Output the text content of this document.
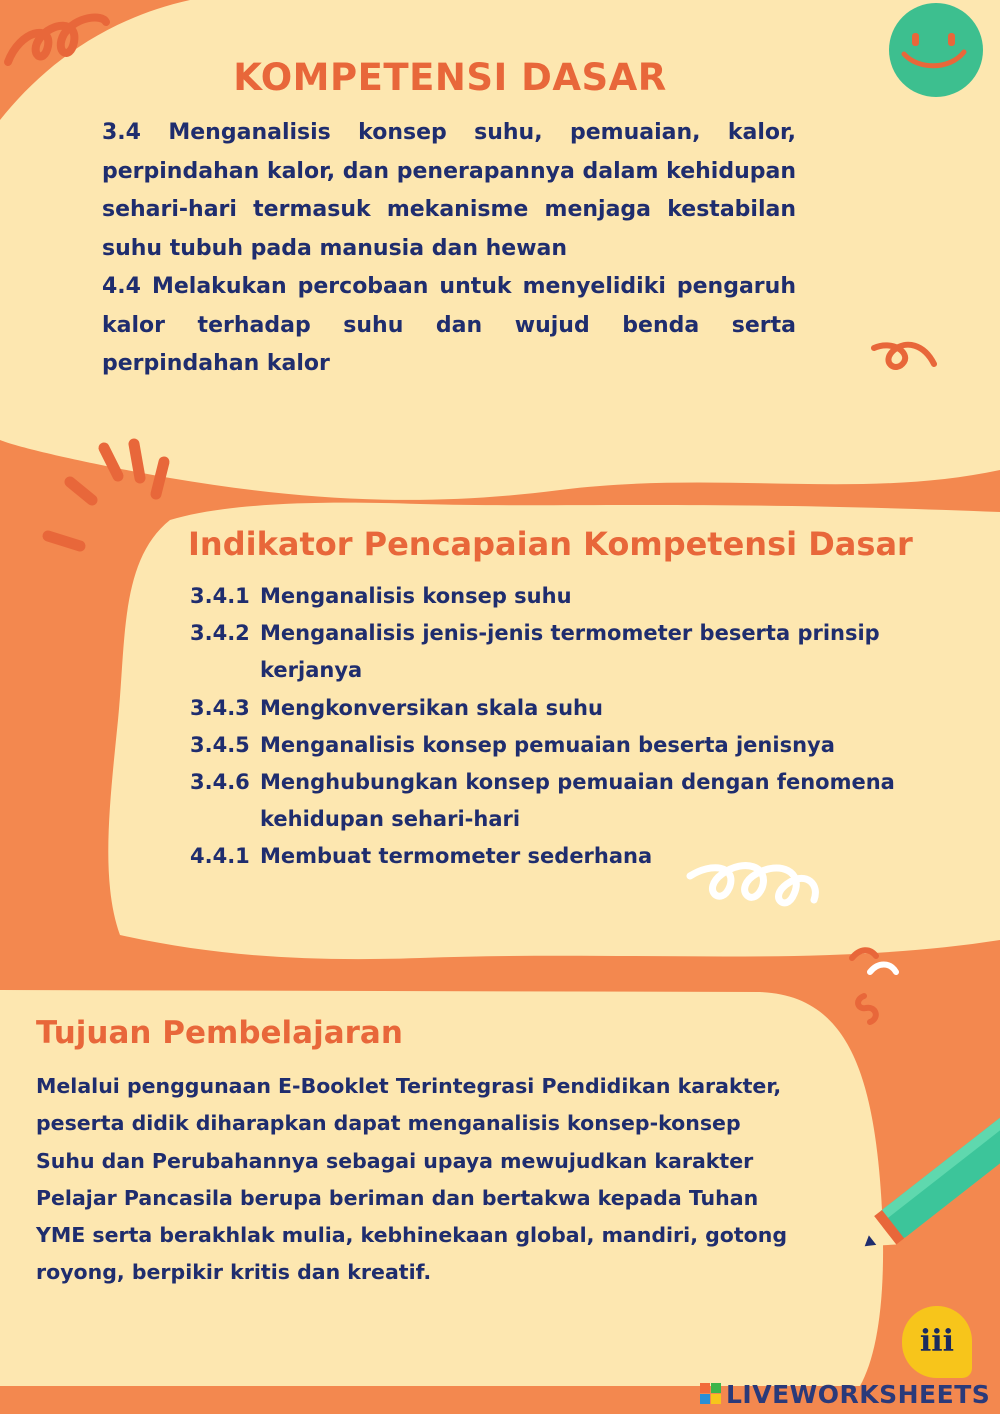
KOMPETENSI DASAR

3.4 Menganalisis konsep suhu, pemuaian, kalor, perpindahan kalor, dan penerapannya dalam kehidupan sehari-hari termasuk mekanisme menjaga kestabilan suhu tubuh pada manusia dan hewan

4.4 Melakukan percobaan untuk menyelidiki pengaruh kalor terhadap suhu dan wujud benda serta perpindahan kalor

Indikator Pencapaian Kompetensi Dasar
3.4.1 Menganalisis konsep suhu
3.4.2 Menganalisis jenis-jenis termometer beserta prinsip kerjanya
3.4.3 Mengkonversikan skala suhu
3.4.5 Menganalisis konsep pemuaian beserta jenisnya
3.4.6 Menghubungkan konsep pemuaian dengan fenomena kehidupan sehari-hari
4.4.1 Membuat termometer sederhana
Tujuan Pembelajaran
Melalui penggunaan E-Booklet Terintegrasi Pendidikan karakter, peserta didik diharapkan dapat menganalisis konsep-konsep Suhu dan Perubahannya sebagai upaya mewujudkan karakter Pelajar Pancasila berupa beriman dan bertakwa kepada Tuhan YME serta berakhlak mulia, kebhinekaan global, mandiri, gotong royong, berpikir kritis dan kreatif.
iii
LIVEWORKSHEETS
